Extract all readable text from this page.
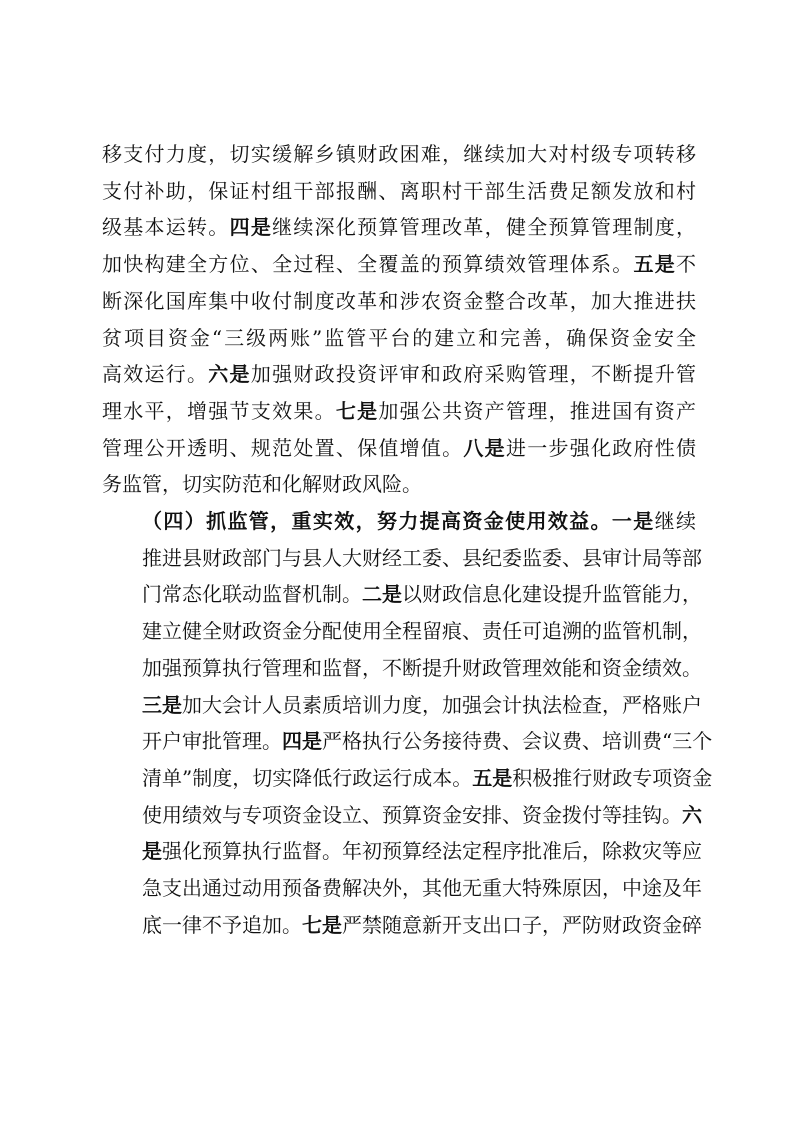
移支付力度，切实缓解乡镇财政困难，继续加大对村级专项转移
支付补助，保证村组干部报酬、离职村干部生活费足额发放和村
级基本运转。四是继续深化预算管理改革，健全预算管理制度，
加快构建全方位、全过程、全覆盖的预算绩效管理体系。五是不
断深化国库集中收付制度改革和涉农资金整合改革，加大推进扶
贫项目资金“三级两账”监管平台的建立和完善，确保资金安全
高效运行。六是加强财政投资评审和政府采购管理，不断提升管
理水平，增强节支效果。七是加强公共资产管理，推进国有资产
管理公开透明、规范处置、保值增值。八是进一步强化政府性债
务监管，切实防范和化解财政风险。
（四）抓监管，重实效，努力提高资金使用效益。一是继续
推进县财政部门与县人大财经工委、县纪委监委、县审计局等部
门常态化联动监督机制。二是以财政信息化建设提升监管能力，
建立健全财政资金分配使用全程留痕、责任可追溯的监管机制，
加强预算执行管理和监督，不断提升财政管理效能和资金绩效。
三是加大会计人员素质培训力度，加强会计执法检查，严格账户
开户审批管理。四是严格执行公务接待费、会议费、培训费“三个
清单”制度，切实降低行政运行成本。五是积极推行财政专项资金
使用绩效与专项资金设立、预算资金安排、资金拨付等挂钩。六
是强化预算执行监督。年初预算经法定程序批准后，除救灾等应
急支出通过动用预备费解决外，其他无重大特殊原因，中途及年
底一律不予追加。七是严禁随意新开支出口子，严防财政资金碎
